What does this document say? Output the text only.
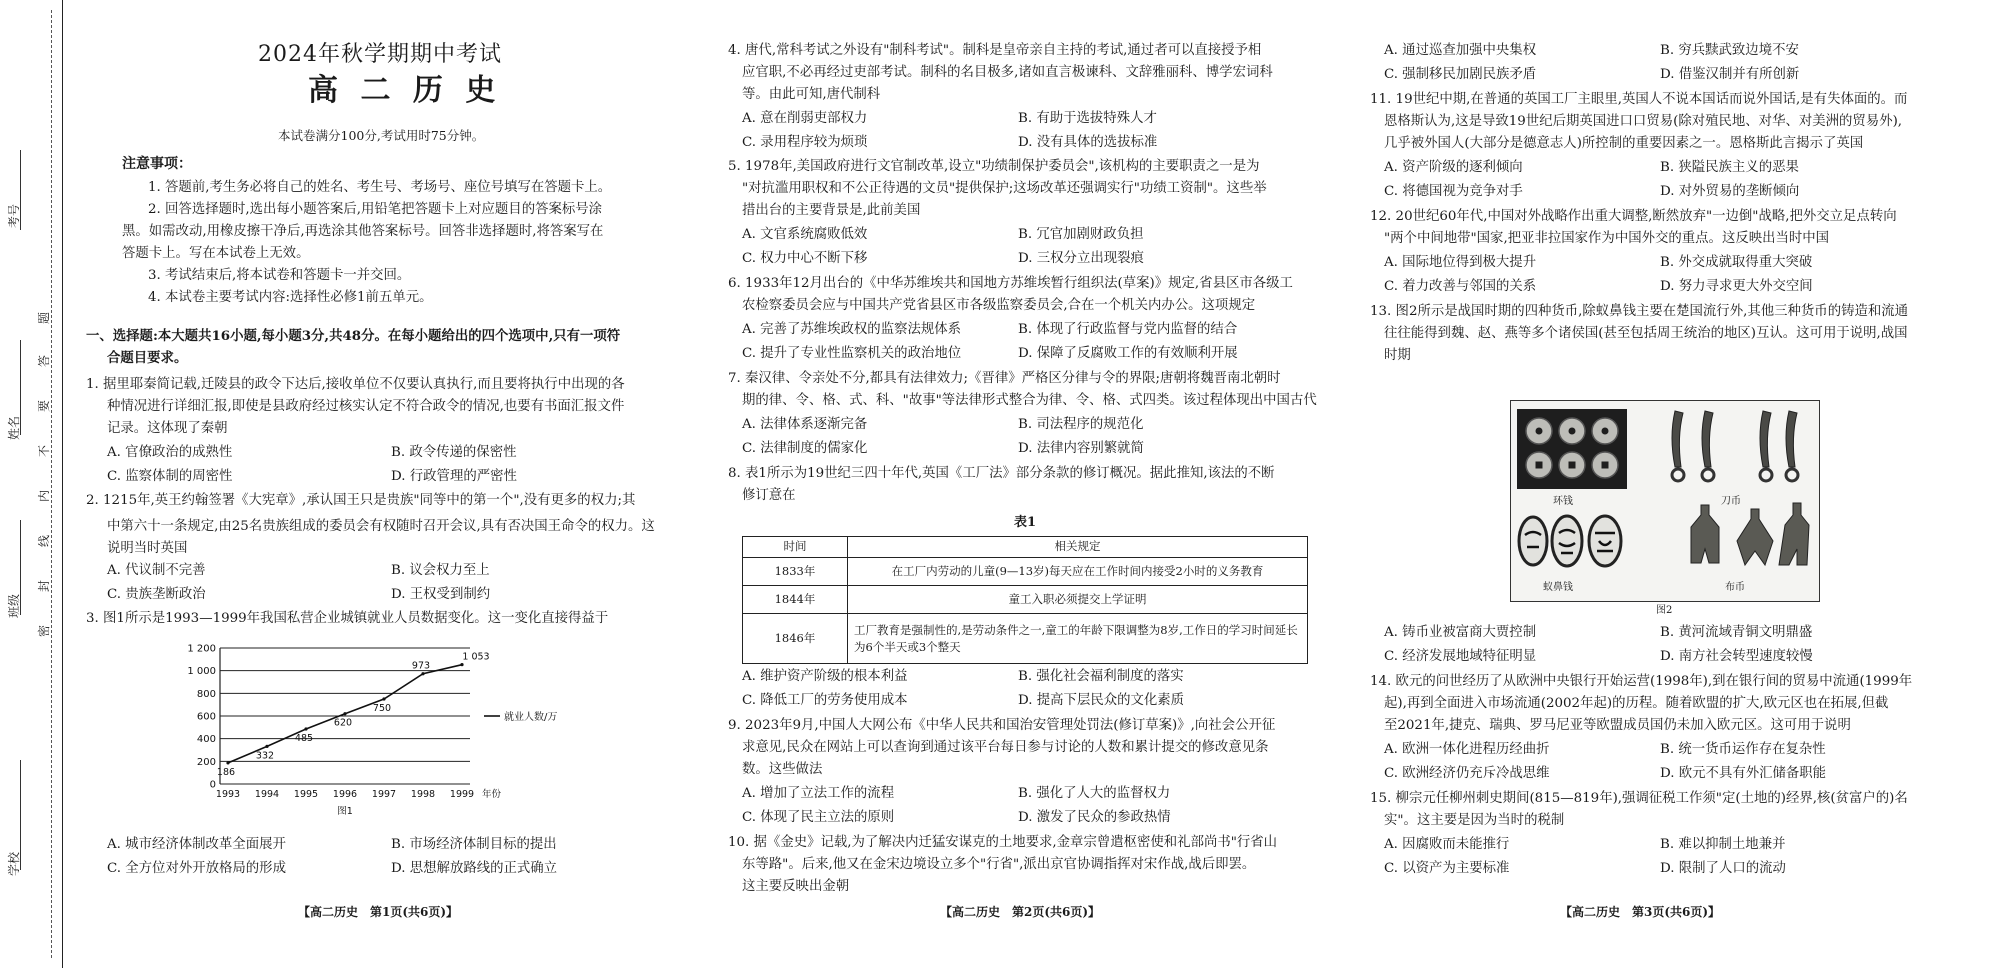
考号
姓名
班级
学校
题
答
要
不
内
线
封
密
2024年秋学期期中考试
高 二 历 史
本试卷满分100分,考试用时75分钟。
注意事项：
1. 答题前,考生务必将自己的姓名、考生号、考场号、座位号填写在答题卡上。
2. 回答选择题时,选出每小题答案后,用铅笔把答题卡上对应题目的答案标号涂
黑。如需改动,用橡皮擦干净后,再选涂其他答案标号。回答非选择题时,将答案写在
答题卡上。写在本试卷上无效。
3. 考试结束后,将本试卷和答题卡一并交回。
4. 本试卷主要考试内容:选择性必修1前五单元。
一、选择题:本大题共16小题,每小题3分,共48分。在每小题给出的四个选项中,只有一项符
合题目要求。
1. 据里耶秦简记载,迁陵县的政令下达后,接收单位不仅要认真执行,而且要将执行中出现的各
种情况进行详细汇报,即使是县政府经过核实认定不符合政令的情况,也要有书面汇报文件
记录。这体现了秦朝
A. 官僚政治的成熟性	B. 政令传递的保密性
C. 监察体制的周密性	D. 行政管理的严密性
2. 1215年,英王约翰签署《大宪章》,承认国王只是贵族"同等中的第一个",没有更多的权力;其
中第六十一条规定,由25名贵族组成的委员会有权随时召开会议,具有否决国王命令的权力。这说明当时英国
A. 代议制不完善	B. 议会权力至上
C. 贵族垄断政治	D. 王权受到制约
3. 图1所示是1993—1999年我国私营企业城镇就业人员数据变化。这一变化直接得益于
0
200
400
600
800
1 000
1 200
1993 1994 1995 1996 1997 1998 1999 年份
186
332
485
620
750
973
1 053
就业人数/万
图1
A. 城市经济体制改革全面展开	B. 市场经济体制目标的提出
C. 全方位对外开放格局的形成	D. 思想解放路线的正式确立
【高二历史　第1页(共6页)】
4. 唐代,常科考试之外设有"制科考试"。制科是皇帝亲自主持的考试,通过者可以直接授予相
应官职,不必再经过吏部考试。制科的名目极多,诸如直言极谏科、文辞雅丽科、博学宏词科
等。由此可知,唐代制科
A. 意在削弱吏部权力	B. 有助于选拔特殊人才
C. 录用程序较为烦琐	D. 没有具体的选拔标准
5. 1978年,美国政府进行文官制改革,设立"功绩制保护委员会",该机构的主要职责之一是为
"对抗滥用职权和不公正待遇的文员"提供保护;这场改革还强调实行"功绩工资制"。这些举
措出台的主要背景是,此前美国
A. 文官系统腐败低效	B. 冗官加剧财政负担
C. 权力中心不断下移	D. 三权分立出现裂痕
6. 1933年12月出台的《中华苏维埃共和国地方苏维埃暂行组织法(草案)》规定,省县区市各级工
农检察委员会应与中国共产党省县区市各级监察委员会,合在一个机关内办公。这项规定
A. 完善了苏维埃政权的监察法规体系	B. 体现了行政监督与党内监督的结合
C. 提升了专业性监察机关的政治地位	D. 保障了反腐败工作的有效顺利开展
7. 秦汉律、令亲处不分,都具有法律效力;《晋律》严格区分律与令的界限;唐朝将魏晋南北朝时
期的律、令、格、式、科、"故事"等法律形式整合为律、令、格、式四类。该过程体现出中国古代
A. 法律体系逐渐完备	B. 司法程序的规范化
C. 法律制度的儒家化	D. 法律内容别繁就简
8. 表1所示为19世纪三四十年代,英国《工厂法》部分条款的修订概况。据此推知,该法的不断
修订意在
表1
时间	相关规定
1833年	在工厂内劳动的儿童(9—13岁)每天应在工作时间内接受2小时的义务教育
1844年	童工入职必须提交上学证明
1846年	工厂教育是强制性的,是劳动条件之一,童工的年龄下限调整为8岁,工作日的学习时间延长为6个半天或3个整天
A. 维护资产阶级的根本利益	B. 强化社会福利制度的落实
C. 降低工厂的劳务使用成本	D. 提高下层民众的文化素质
9. 2023年9月,中国人大网公布《中华人民共和国治安管理处罚法(修订草案)》,向社会公开征
求意见,民众在网站上可以查询到通过该平台每日参与讨论的人数和累计提交的修改意见条
数。这些做法
A. 增加了立法工作的流程	B. 强化了人大的监督权力
C. 体现了民主立法的原则	D. 激发了民众的参政热情
10. 据《金史》记载,为了解决内迁猛安谋克的土地要求,金章宗曾遣枢密使和礼部尚书"行省山
东等路"。后来,他又在金宋边境设立多个"行省",派出京官协调指挥对宋作战,战后即罢。
这主要反映出金朝
【高二历史　第2页(共6页)】
A. 通过巡查加强中央集权	B. 穷兵黩武致边境不安
C. 强制移民加剧民族矛盾	D. 借鉴汉制并有所创新
11. 19世纪中期,在普通的英国工厂主眼里,英国人不说本国话而说外国话,是有失体面的。而
恩格斯认为,这是导致19世纪后期英国进口口贸易(除对殖民地、对华、对美洲的贸易外),
几乎被外国人(大部分是德意志人)所控制的重要因素之一。恩格斯此言揭示了英国
A. 资产阶级的逐利倾向	B. 狭隘民族主义的恶果
C. 将德国视为竞争对手	D. 对外贸易的垄断倾向
12. 20世纪60年代,中国对外战略作出重大调整,断然放弃"一边倒"战略,把外交立足点转向
"两个中间地带"国家,把亚非拉国家作为中国外交的重点。这反映出当时中国
A. 国际地位得到极大提升	B. 外交成就取得重大突破
C. 着力改善与邻国的关系	D. 努力寻求更大外交空间
13. 图2所示是战国时期的四种货币,除蚁鼻钱主要在楚国流行外,其他三种货币的铸造和流通
往往能得到魏、赵、燕等多个诸侯国(甚至包括周王统治的地区)互认。这可用于说明,战国
时期
环钱	刀币
蚁鼻钱	布币
图2
A. 铸币业被富商大贾控制	B. 黄河流域青铜文明鼎盛
C. 经济发展地域特征明显	D. 南方社会转型速度较慢
14. 欧元的问世经历了从欧洲中央银行开始运营(1998年),到在银行间的贸易中流通(1999年
起),再到全面进入市场流通(2002年起)的历程。随着欧盟的扩大,欧元区也在拓展,但截
至2021年,捷克、瑞典、罗马尼亚等欧盟成员国仍未加入欧元区。这可用于说明
A. 欧洲一体化进程历经曲折	B. 统一货币运作存在复杂性
C. 欧洲经济仍充斥冷战思维	D. 欧元不具有外汇储备职能
15. 柳宗元任柳州刺史期间(815—819年),强调征税工作须"定(土地的)经界,核(贫富户的)名
实"。这主要是因为当时的税制
A. 因腐败而未能推行	B. 难以抑制土地兼并
C. 以资产为主要标准	D. 限制了人口的流动
【高二历史　第3页(共6页)】
